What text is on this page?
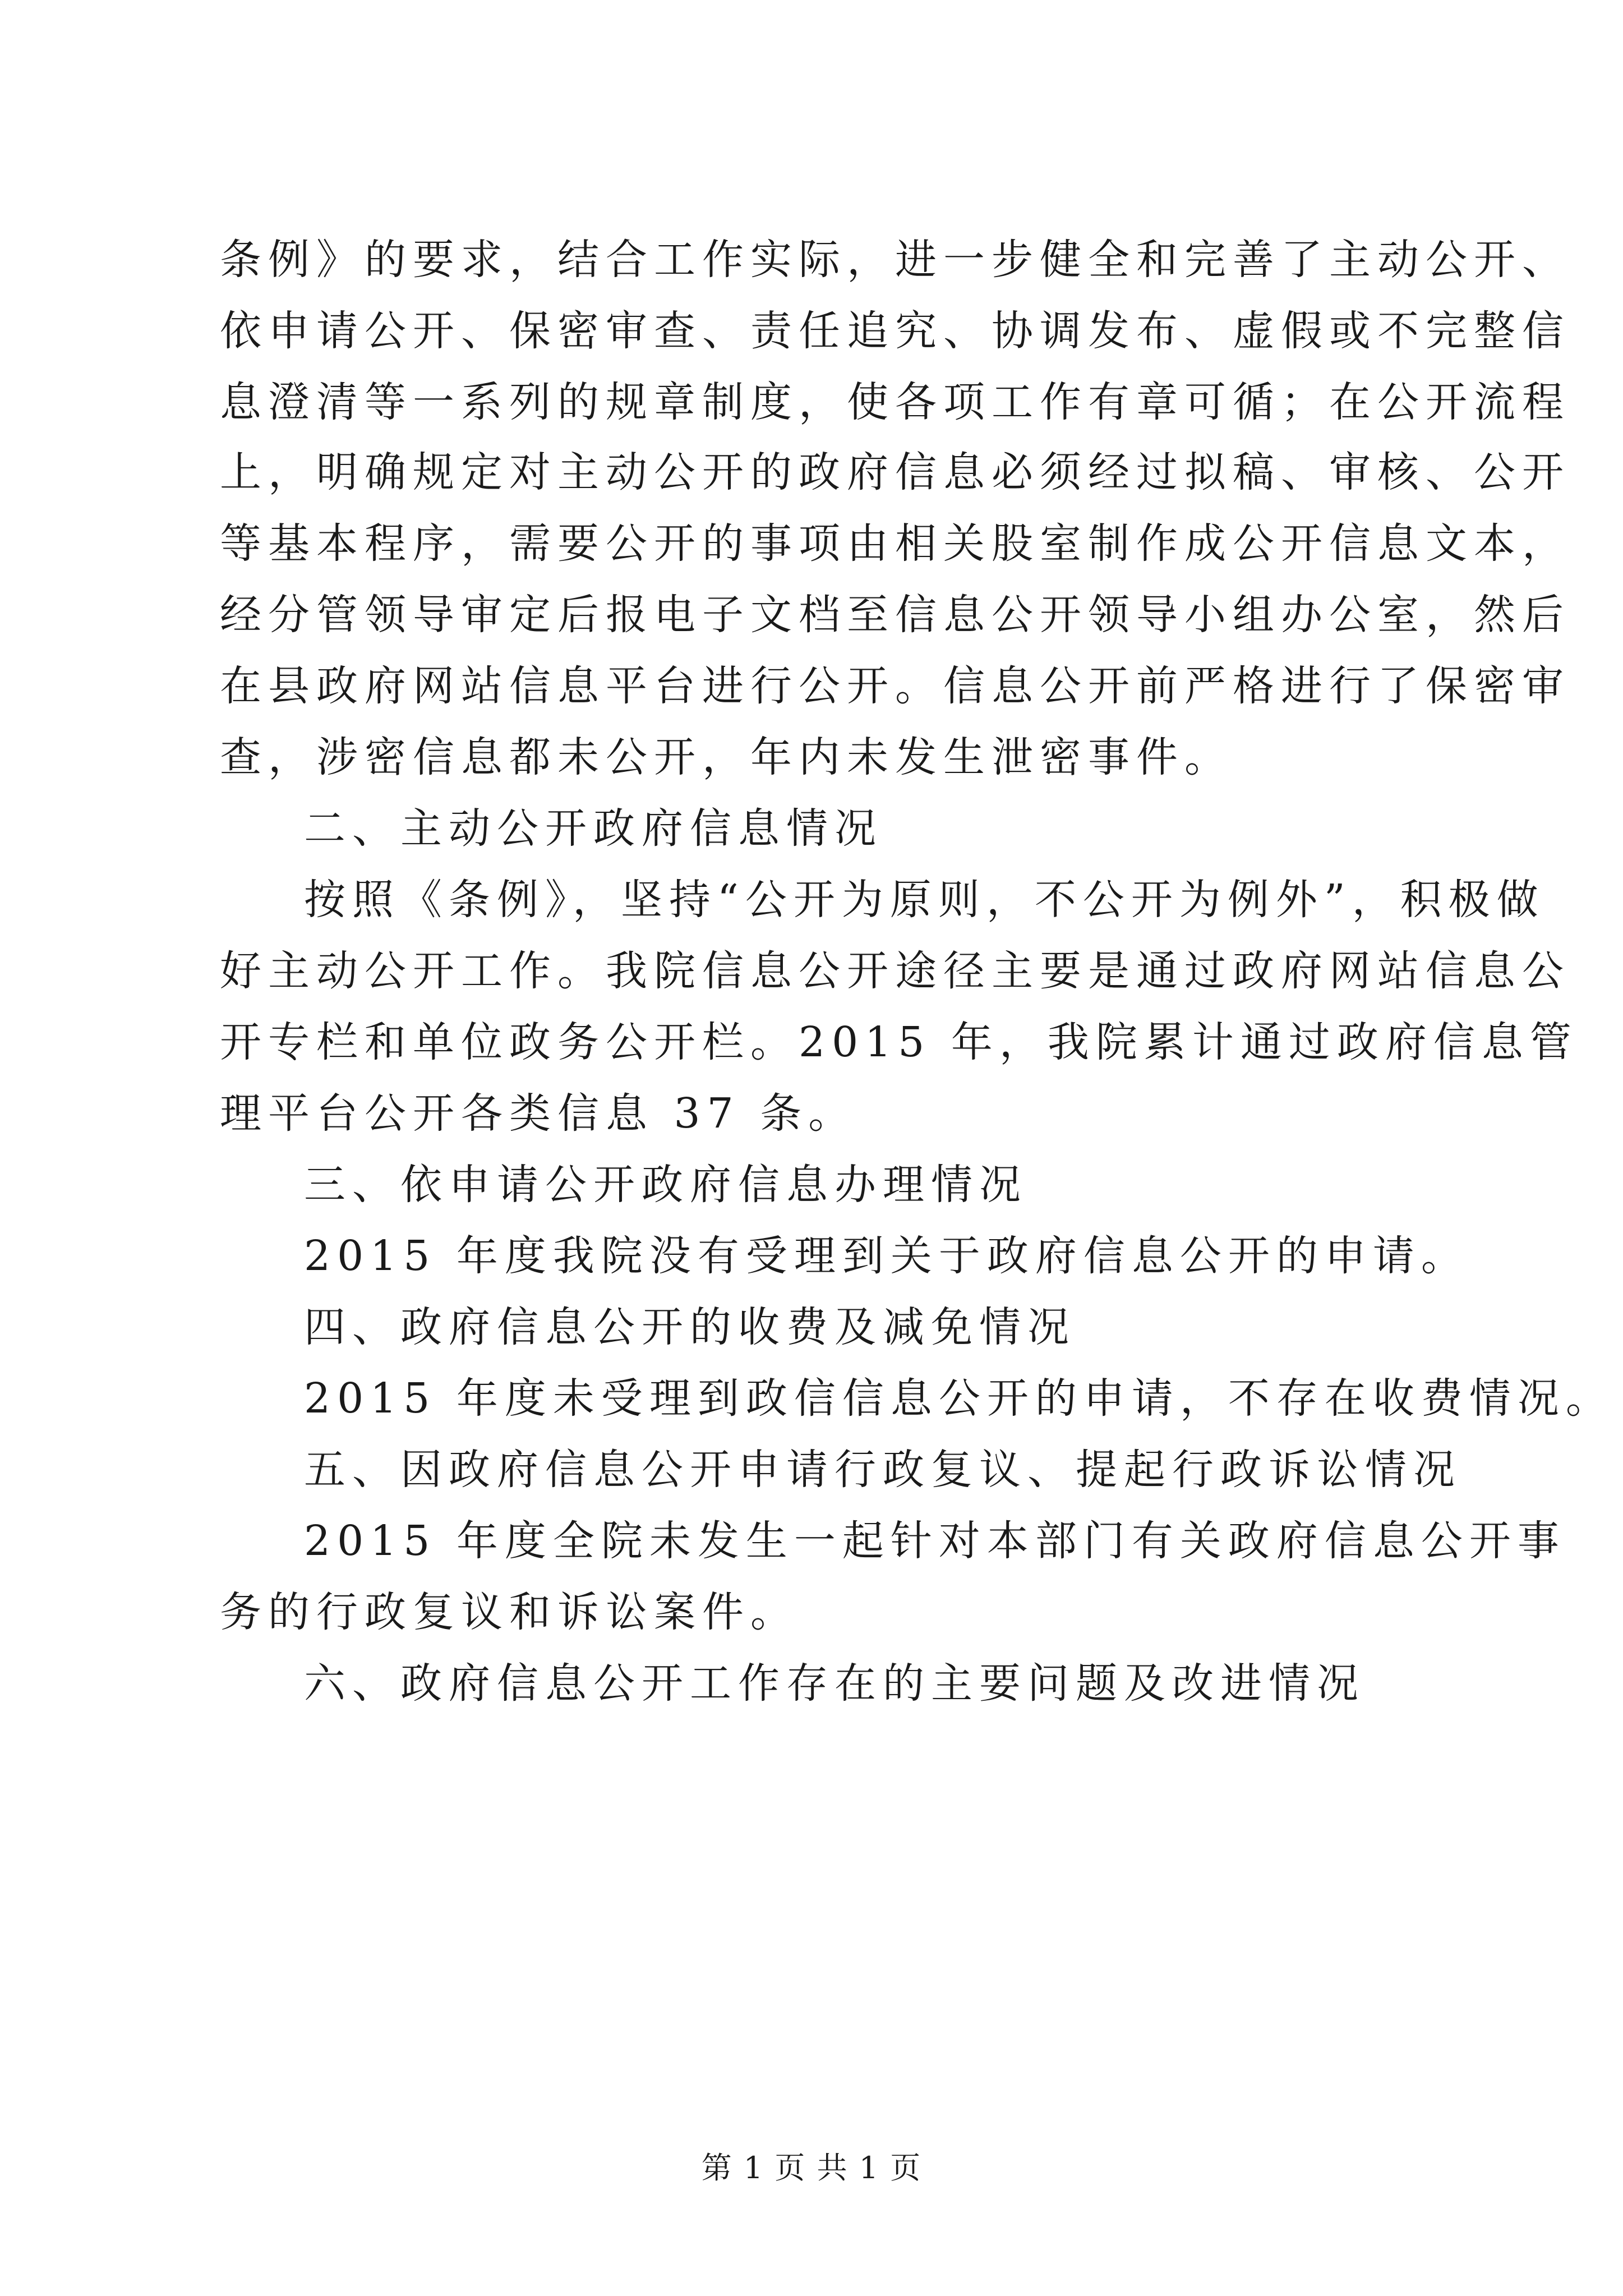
条例》的要求，结合工作实际，进一步健全和完善了主动公开、
依申请公开、保密审查、责任追究、协调发布、虚假或不完整信
息澄清等一系列的规章制度，使各项工作有章可循；在公开流程
上，明确规定对主动公开的政府信息必须经过拟稿、审核、公开
等基本程序，需要公开的事项由相关股室制作成公开信息文本，
经分管领导审定后报电子文档至信息公开领导小组办公室，然后
在县政府网站信息平台进行公开。信息公开前严格进行了保密审
查，涉密信息都未公开，年内未发生泄密事件。
二、主动公开政府信息情况
按照《条例》，坚持“公开为原则，不公开为例外”，积极做
好主动公开工作。我院信息公开途径主要是通过政府网站信息公
开专栏和单位政务公开栏。2015 年，我院累计通过政府信息管
理平台公开各类信息 37 条。
三、依申请公开政府信息办理情况
2015 年度我院没有受理到关于政府信息公开的申请。
四、政府信息公开的收费及减免情况
2015 年度未受理到政信信息公开的申请，不存在收费情况。
五、因政府信息公开申请行政复议、提起行政诉讼情况
2015 年度全院未发生一起针对本部门有关政府信息公开事
务的行政复议和诉讼案件。
六、政府信息公开工作存在的主要问题及改进情况
第 1 页 共 1 页
